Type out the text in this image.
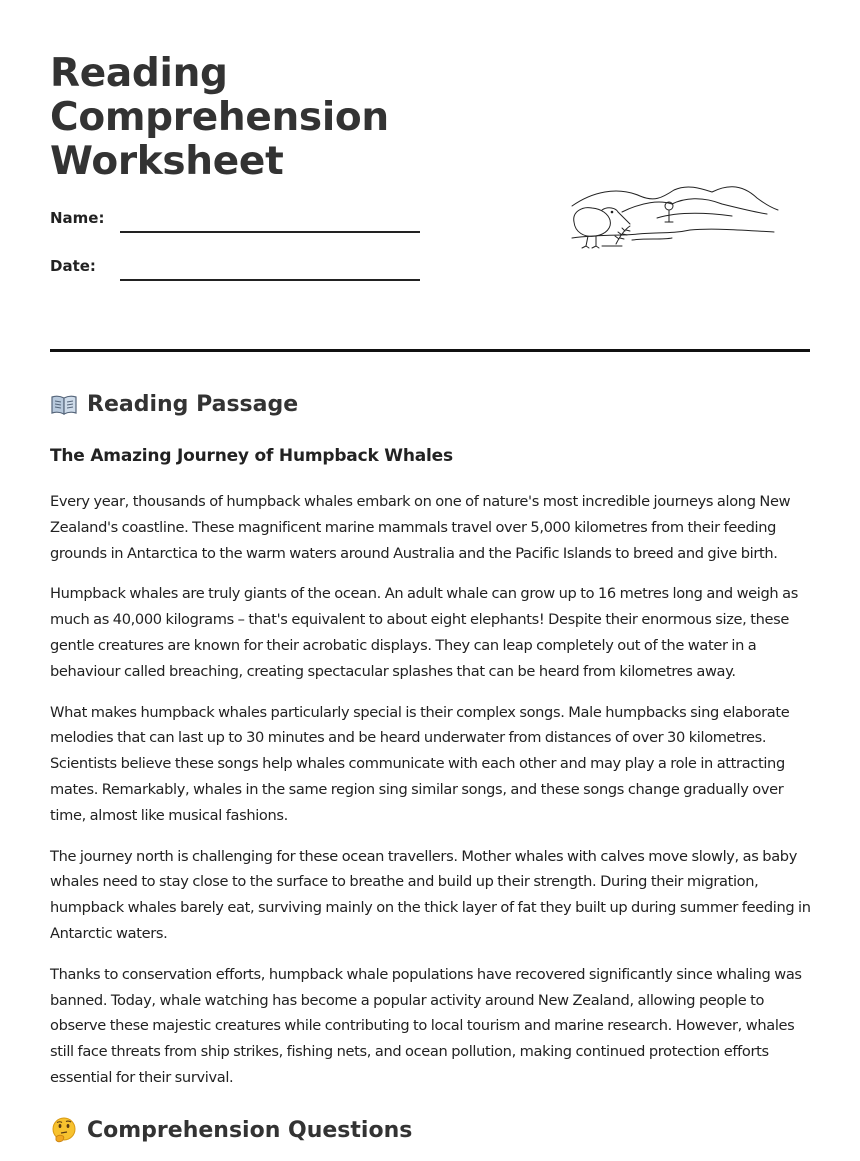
Reading Comprehension Worksheet
Name:
Date:
Reading Passage
The Amazing Journey of Humpback Whales

Every year, thousands of humpback whales embark on one of nature's most incredible journeys along New Zealand's coastline. These magnificent marine mammals travel over 5,000 kilometres from their feeding grounds in Antarctica to the warm waters around Australia and the Pacific Islands to breed and give birth.

Humpback whales are truly giants of the ocean. An adult whale can grow up to 16 metres long and weigh as much as 40,000 kilograms – that's equivalent to about eight elephants! Despite their enormous size, these gentle creatures are known for their acrobatic displays. They can leap completely out of the water in a behaviour called breaching, creating spectacular splashes that can be heard from kilometres away.

What makes humpback whales particularly special is their complex songs. Male humpbacks sing elaborate melodies that can last up to 30 minutes and be heard underwater from distances of over 30 kilometres. Scientists believe these songs help whales communicate with each other and may play a role in attracting mates. Remarkably, whales in the same region sing similar songs, and these songs change gradually over time, almost like musical fashions.

The journey north is challenging for these ocean travellers. Mother whales with calves move slowly, as baby whales need to stay close to the surface to breathe and build up their strength. During their migration, humpback whales barely eat, surviving mainly on the thick layer of fat they built up during summer feeding in Antarctic waters.

Thanks to conservation efforts, humpback whale populations have recovered significantly since whaling was banned. Today, whale watching has become a popular activity around New Zealand, allowing people to observe these majestic creatures while contributing to local tourism and marine research. However, whales still face threats from ship strikes, fishing nets, and ocean pollution, making continued protection efforts essential for their survival.

Comprehension Questions
